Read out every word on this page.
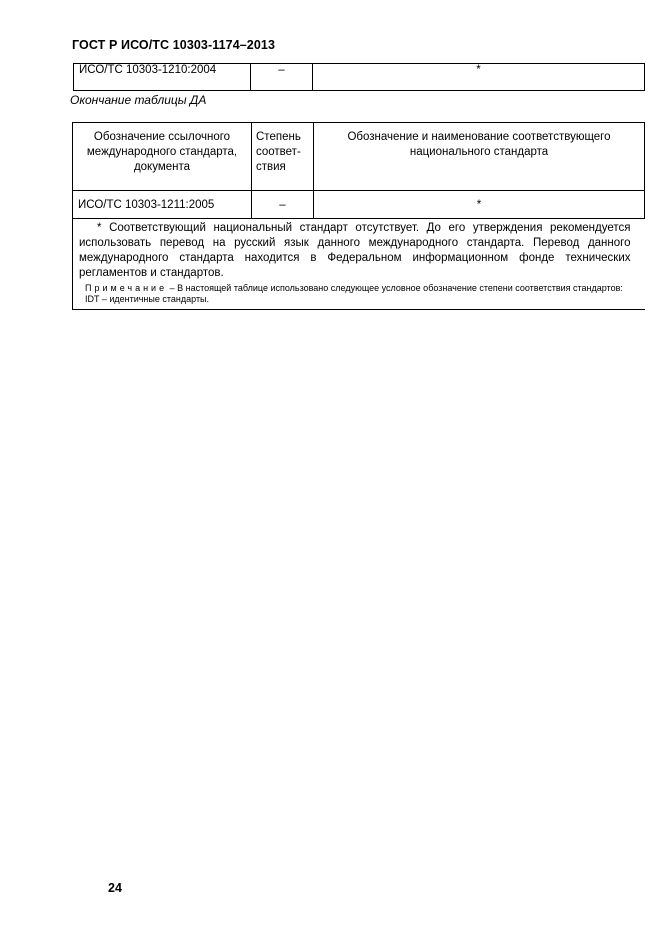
ГОСТ Р ИСО/ТС 10303-1174–2013
ИСО/ТС 10303-1210:2004	–	*
Окончание таблицы ДА
Обозначение ссылочного международного стандарта, документа	Степень соответ-ствия	Обозначение и наименование соответствующего национального стандарта
ИСО/ТС 10303-1211:2005	–	*

* Соответствующий национальный стандарт отсутствует. До его утверждения рекомендуется использовать перевод на русский язык данного международного стандарта. Перевод данного международного стандарта находится в Федеральном информационном фонде технических регламентов и стандартов.
Примечание – В настоящей таблице использовано следующее условное обозначение степени соответствия стандартов:
IDT – идентичные стандарты.		
24
